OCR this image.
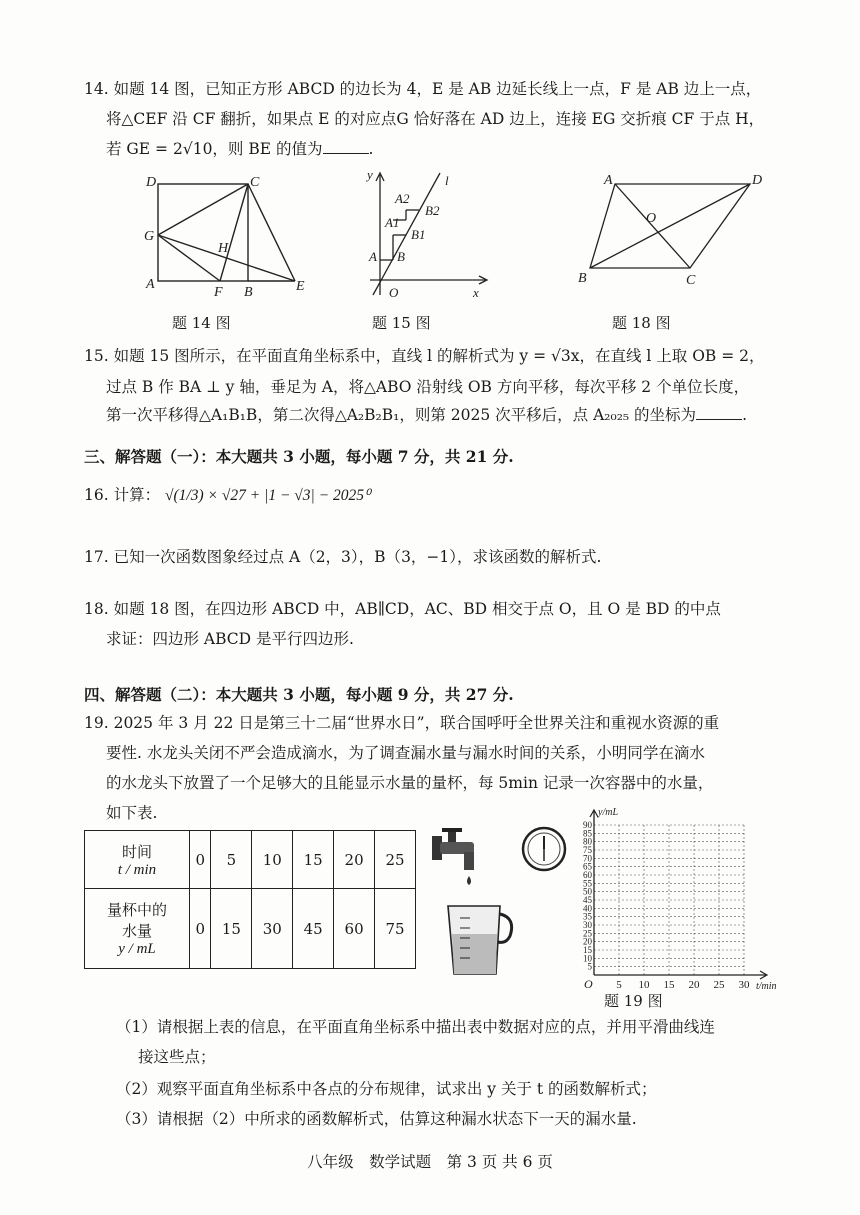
14. 如题 14 图，已知正方形 ABCD 的边长为 4，E 是 AB 边延长线上一点，F 是 AB 边上一点，
将△CEF 沿 CF 翻折，如果点 E 的对应点G 恰好落在 AD 边上，连接 EG 交折痕 CF 于点 H，
若 GE = 2√10，则 BE 的值为	.
D	C
G
H
A
F B	E
题 14 图
y	l
A2
B2
A1
B1
A B
O	x
题 15 图
A	D
O
B	C
题 18 图
15. 如题 15 图所示，在平面直角坐标系中，直线 l 的解析式为 y = √3x，在直线 l 上取 OB = 2，
过点 B 作 BA ⊥ y 轴，垂足为 A，将△ABO 沿射线 OB 方向平移，每次平移 2 个单位长度，
第一次平移得△A₁B₁B，第二次得△A₂B₂B₁，则第 2025 次平移后，点 A₂₀₂₅ 的坐标为	.
三、解答题（一）：本大题共 3 小题，每小题 7 分，共 21 分.
16. 计算： √(1/3) × √27 + |1 − √3| − 2025⁰
17. 已知一次函数图象经过点 A（2，3），B（3，−1），求该函数的解析式.
18. 如题 18 图，在四边形 ABCD 中，AB∥CD，AC、BD 相交于点 O，且 O 是 BD 的中点
求证：四边形 ABCD 是平行四边形.
四、解答题（二）：本大题共 3 小题，每小题 9 分，共 27 分.
19. 2025 年 3 月 22 日是第三十二届“世界水日”，联合国呼吁全世界关注和重视水资源的重
要性. 水龙头关闭不严会造成滴水，为了调查漏水量与漏水时间的关系，小明同学在滴水
的水龙头下放置了一个足够大的且能显示水量的量杯，每 5min 记录一次容器中的水量，
如下表.
时间
t / min	0	5	10	15	20	25

量杯中的
水量
y / mL	0	15	30	45	60	75
5
10
15
20
25
30
35
40
45
50
55
60
65
70
75
80
85
90
5 10 15 20 25 30
O
y/mL
t/min
题 19 图
（1）请根据上表的信息，在平面直角坐标系中描出表中数据对应的点，并用平滑曲线连
接这些点；
（2）观察平面直角坐标系中各点的分布规律，试求出 y 关于 t 的函数解析式；
（3）请根据（2）中所求的函数解析式，估算这种漏水状态下一天的漏水量.
八年级　数学试题　第 3 页 共 6 页
